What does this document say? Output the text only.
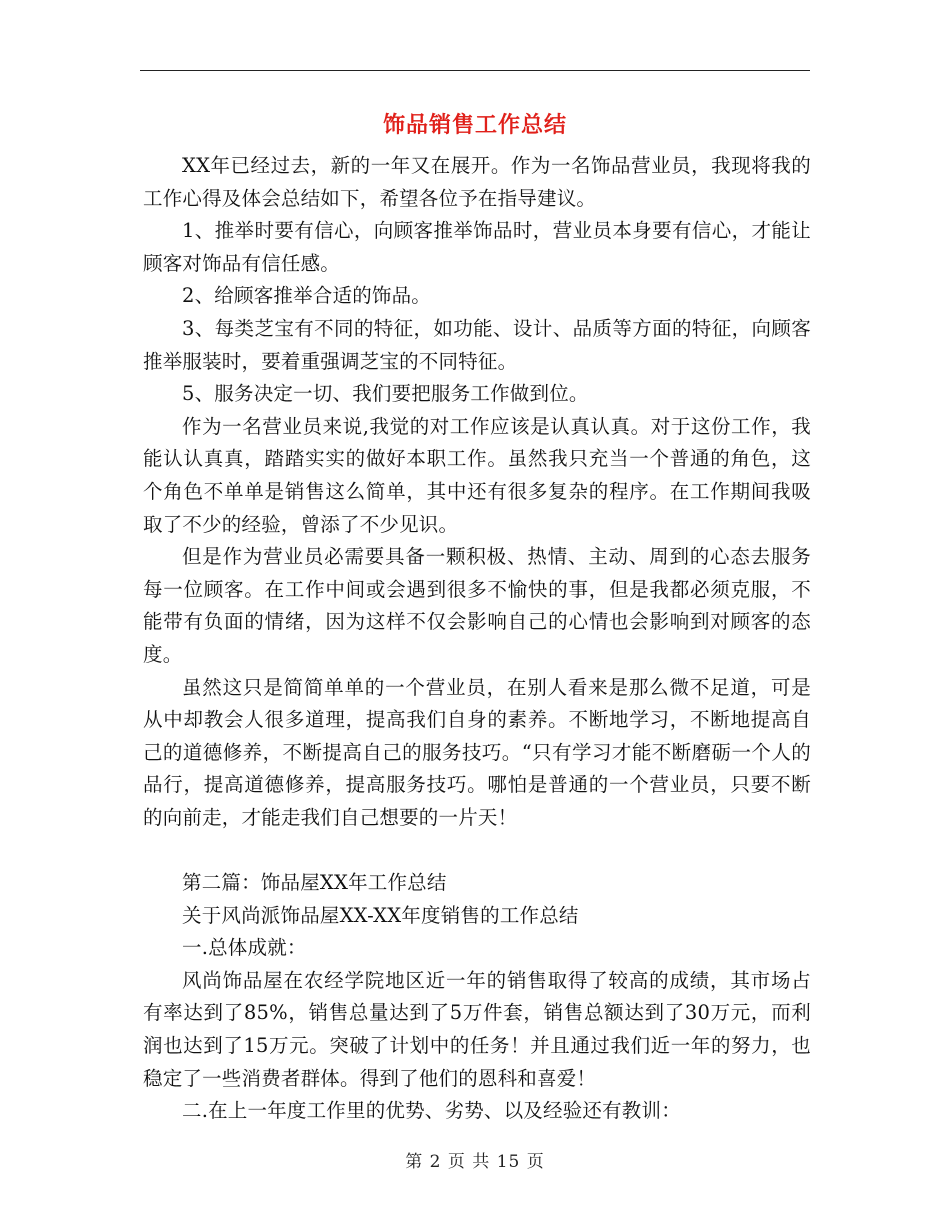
饰品销售工作总结

XX年已经过去，新的一年又在展开。作为一名饰品营业员，我现将我的工作心得及体会总结如下，希望各位予在指导建议。

1、推举时要有信心，向顾客推举饰品时，营业员本身要有信心，才能让顾客对饰品有信任感。

2、给顾客推举合适的饰品。

3、每类芝宝有不同的特征，如功能、设计、品质等方面的特征，向顾客推举服装时，要着重强调芝宝的不同特征。

5、服务决定一切、我们要把服务工作做到位。

作为一名营业员来说,我觉的对工作应该是认真认真。对于这份工作，我能认认真真，踏踏实实的做好本职工作。虽然我只充当一个普通的角色，这个角色不单单是销售这么简单，其中还有很多复杂的程序。在工作期间我吸取了不少的经验，曾添了不少见识。

但是作为营业员必需要具备一颗积极、热情、主动、周到的心态去服务每一位顾客。在工作中间或会遇到很多不愉快的事，但是我都必须克服，不能带有负面的情绪，因为这样不仅会影响自己的心情也会影响到对顾客的态度。

虽然这只是简简单单的一个营业员，在别人看来是那么微不足道，可是从中却教会人很多道理，提高我们自身的素养。不断地学习，不断地提高自己的道德修养，不断提高自己的服务技巧。“只有学习才能不断磨砺一个人的品行，提高道德修养，提高服务技巧。哪怕是普通的一个营业员，只要不断的向前走，才能走我们自己想要的一片天！

第二篇：饰品屋XX年工作总结

关于风尚派饰品屋XX-XX年度销售的工作总结

一.总体成就：

风尚饰品屋在农经学院地区近一年的销售取得了较高的成绩，其市场占有率达到了85%，销售总量达到了5万件套，销售总额达到了30万元，而利润也达到了15万元。突破了计划中的任务！并且通过我们近一年的努力，也稳定了一些消费者群体。得到了他们的恩科和喜爱！

二.在上一年度工作里的优势、劣势、以及经验还有教训：

第 2 页 共 15 页
